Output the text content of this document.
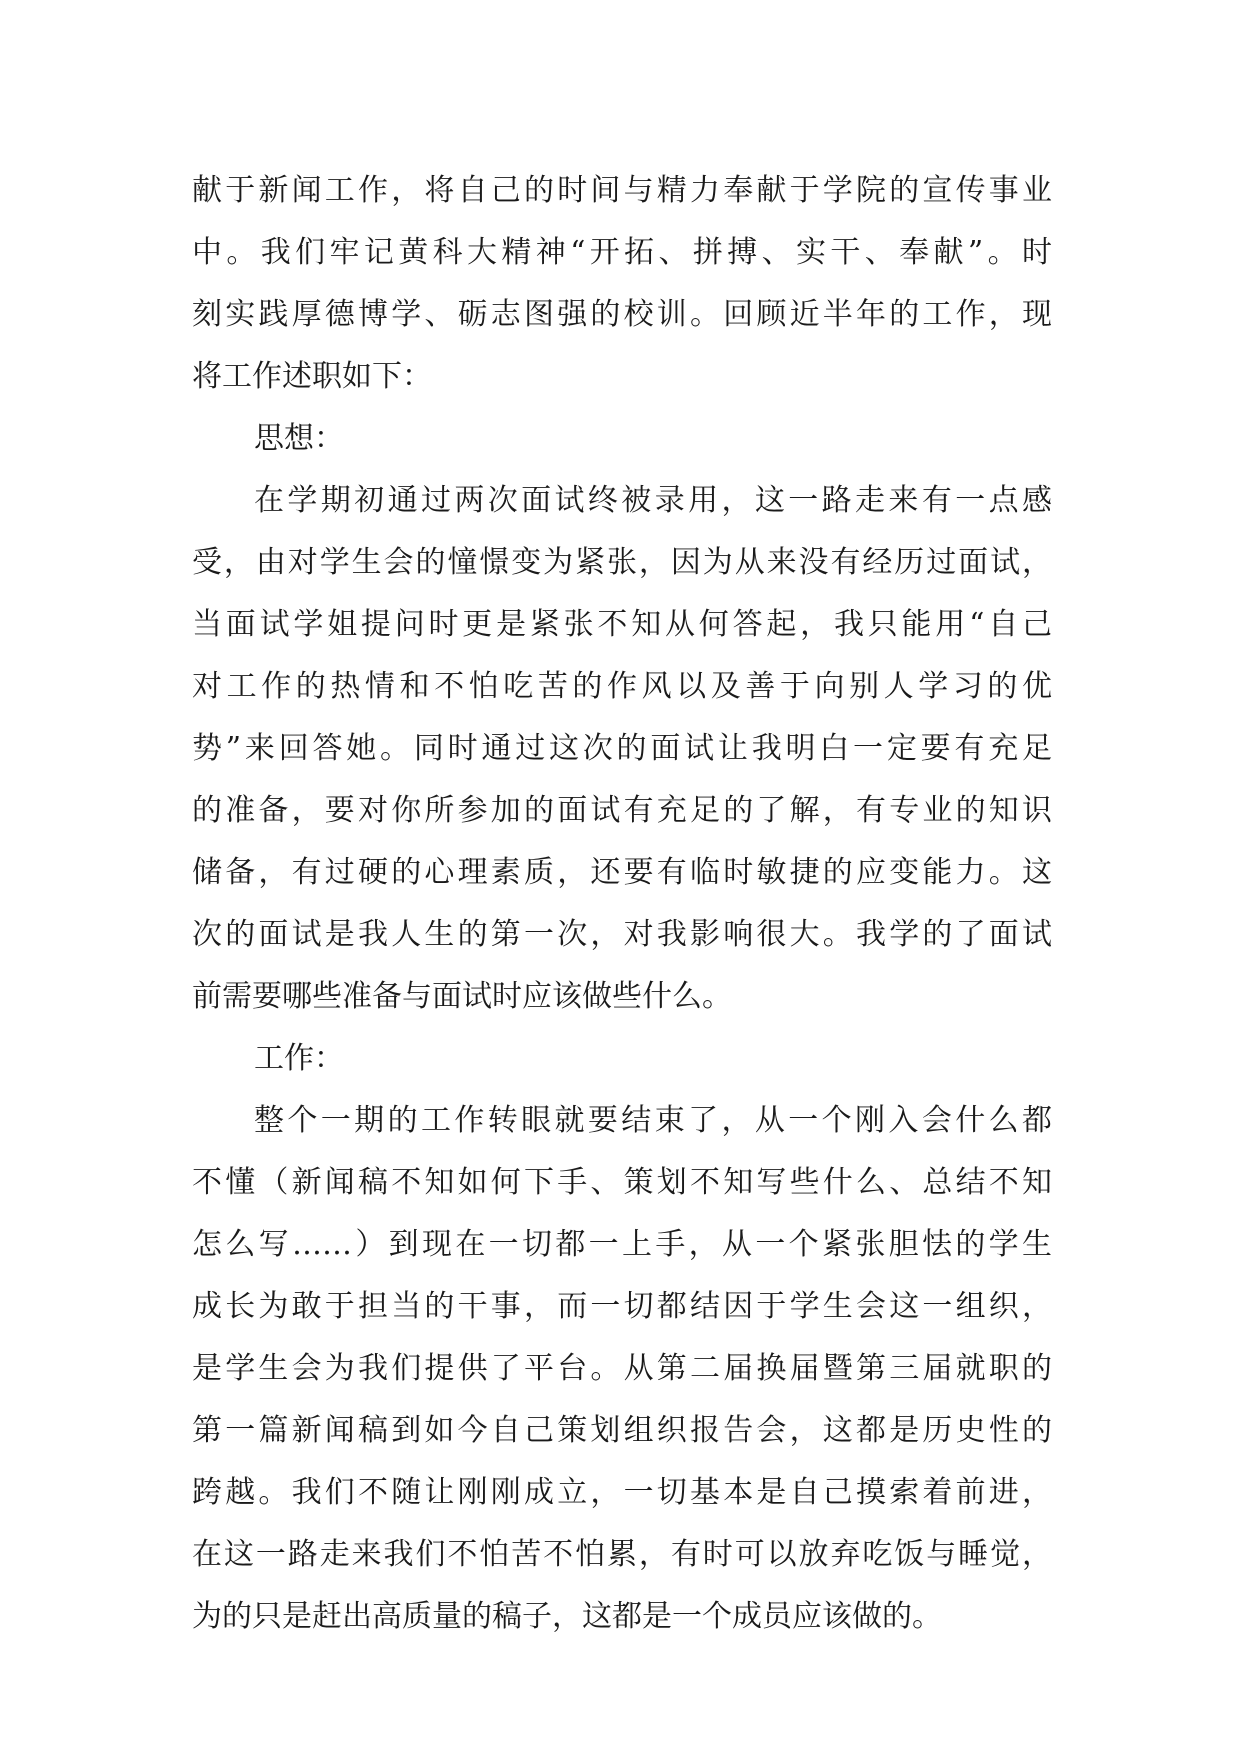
献于新闻工作，将自己的时间与精力奉献于学院的宣传事业
中。我们牢记黄科大精神“开拓、拼搏、实干、奉献”。时
刻实践厚德博学、砺志图强的校训。回顾近半年的工作，现
将工作述职如下：
思想：
在学期初通过两次面试终被录用，这一路走来有一点感
受，由对学生会的憧憬变为紧张，因为从来没有经历过面试，
当面试学姐提问时更是紧张不知从何答起，我只能用“自己
对工作的热情和不怕吃苦的作风以及善于向别人学习的优
势”来回答她。同时通过这次的面试让我明白一定要有充足
的准备，要对你所参加的面试有充足的了解，有专业的知识
储备，有过硬的心理素质，还要有临时敏捷的应变能力。这
次的面试是我人生的第一次，对我影响很大。我学的了面试
前需要哪些准备与面试时应该做些什么。
工作：
整个一期的工作转眼就要结束了，从一个刚入会什么都
不懂（新闻稿不知如何下手、策划不知写些什么、总结不知
怎么写……）到现在一切都一上手，从一个紧张胆怯的学生
成长为敢于担当的干事，而一切都结因于学生会这一组织，
是学生会为我们提供了平台。从第二届换届暨第三届就职的
第一篇新闻稿到如今自己策划组织报告会，这都是历史性的
跨越。我们不随让刚刚成立，一切基本是自己摸索着前进，
在这一路走来我们不怕苦不怕累，有时可以放弃吃饭与睡觉，
为的只是赶出高质量的稿子，这都是一个成员应该做的。
